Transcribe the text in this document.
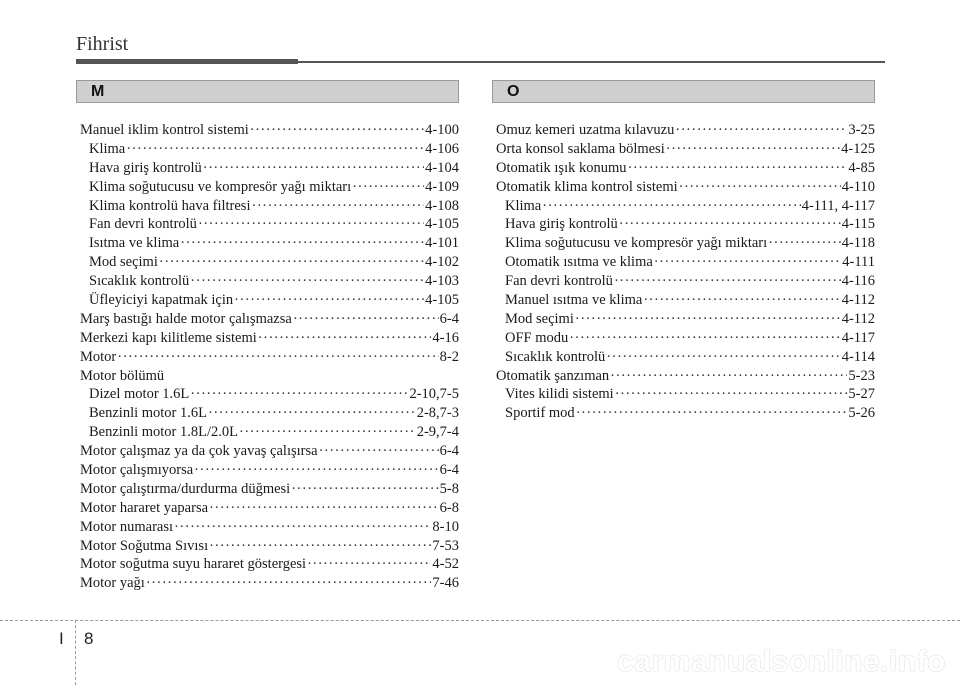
Fihrist
M	O
Manuel iklim kontrol sistemi ·····	4-100
Klima ·····	4-106
Hava giriş kontrolü ·····	4-104
Klima soğutucusu ve kompresör yağı miktarı ·····	4-109
Klima kontrolü hava filtresi ·····	4-108
Fan devri kontrolü ·····	4-105
Isıtma ve klima ·····	4-101
Mod seçimi ·····	4-102
Sıcaklık kontrolü ·····	4-103
Üfleyiciyi kapatmak için ·····	4-105
Marş bastığı halde motor çalışmazsa ·····	6-4
Merkezi kapı kilitleme sistemi ·····	4-16
Motor ·····	8-2
Motor bölümü
Dizel motor 1.6L ·····	2-10,7-5
Benzinli motor 1.6L ·····	2-8,7-3
Benzinli motor 1.8L/2.0L ·····	2-9,7-4
Motor çalışmaz ya da çok yavaş çalışırsa ·····	6-4
Motor çalışmıyorsa ·····	6-4
Motor çalıştırma/durdurma düğmesi ·····	5-8
Motor hararet yaparsa ·····	6-8
Motor numarası ·····	8-10
Motor Soğutma Sıvısı ·····	7-53
Motor soğutma suyu hararet göstergesi ·····	4-52
Motor yağı ·····	7-46
Omuz kemeri uzatma kılavuzu ·····	3-25
Orta konsol saklama bölmesi ·····	4-125
Otomatik ışık konumu ·····	4-85
Otomatik klima kontrol sistemi ·····	4-110
Klima ·····	4-111, 4-117
Hava giriş kontrolü ·····	4-115
Klima soğutucusu ve kompresör yağı miktarı ·····	4-118
Otomatik ısıtma ve klima ·····	4-111
Fan devri kontrolü ·····	4-116
Manuel ısıtma ve klima ·····	4-112
Mod seçimi ·····	4-112
OFF modu ·····	4-117
Sıcaklık kontrolü ·····	4-114
Otomatik şanzıman ·····	5-23
Vites kilidi sistemi ·····	5-27
Sportif mod ·····	5-26
I 8
carmanualsonline.info
